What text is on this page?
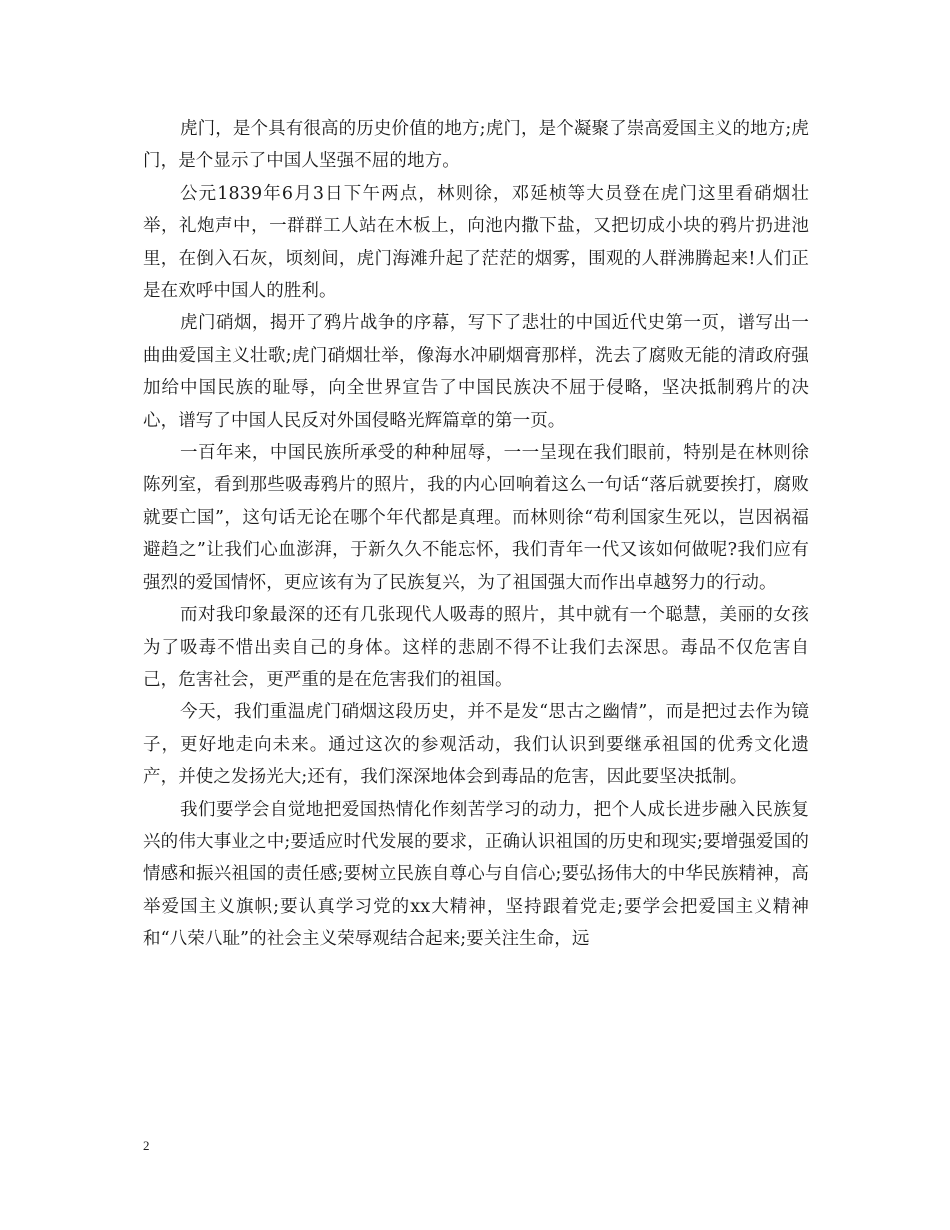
虎门，是个具有很高的历史价值的地方;虎门，是个凝聚了崇高爱国主义的地方;虎门，是个显示了中国人坚强不屈的地方。

公元1839年6月3日下午两点，林则徐，邓延桢等大员登在虎门这里看硝烟壮举，礼炮声中，一群群工人站在木板上，向池内撒下盐，又把切成小块的鸦片扔进池里，在倒入石灰，顷刻间，虎门海滩升起了茫茫的烟雾，围观的人群沸腾起来!人们正是在欢呼中国人的胜利。

虎门硝烟，揭开了鸦片战争的序幕，写下了悲壮的中国近代史第一页，谱写出一曲曲爱国主义壮歌;虎门硝烟壮举，像海水冲刷烟膏那样，洗去了腐败无能的清政府强加给中国民族的耻辱，向全世界宣告了中国民族决不屈于侵略，坚决抵制鸦片的决心，谱写了中国人民反对外国侵略光辉篇章的第一页。

一百年来，中国民族所承受的种种屈辱，一一呈现在我们眼前，特别是在林则徐陈列室，看到那些吸毒鸦片的照片，我的内心回响着这么一句话“落后就要挨打，腐败就要亡国”，这句话无论在哪个年代都是真理。而林则徐“苟利国家生死以，岂因祸福避趋之”让我们心血澎湃，于新久久不能忘怀，我们青年一代又该如何做呢?我们应有强烈的爱国情怀，更应该有为了民族复兴，为了祖国强大而作出卓越努力的行动。

而对我印象最深的还有几张现代人吸毒的照片，其中就有一个聪慧，美丽的女孩为了吸毒不惜出卖自己的身体。这样的悲剧不得不让我们去深思。毒品不仅危害自己，危害社会，更严重的是在危害我们的祖国。

今天，我们重温虎门硝烟这段历史，并不是发“思古之幽情”，而是把过去作为镜子，更好地走向未来。通过这次的参观活动，我们认识到要继承祖国的优秀文化遗产，并使之发扬光大;还有，我们深深地体会到毒品的危害，因此要坚决抵制。

我们要学会自觉地把爱国热情化作刻苦学习的动力，把个人成长进步融入民族复兴的伟大事业之中;要适应时代发展的要求，正确认识祖国的历史和现实;要增强爱国的情感和振兴祖国的责任感;要树立民族自尊心与自信心;要弘扬伟大的中华民族精神，高举爱国主义旗帜;要认真学习党的xx大精神，坚持跟着党走;要学会把爱国主义精神和“八荣八耻”的社会主义荣辱观结合起来;要关注生命，远

2
